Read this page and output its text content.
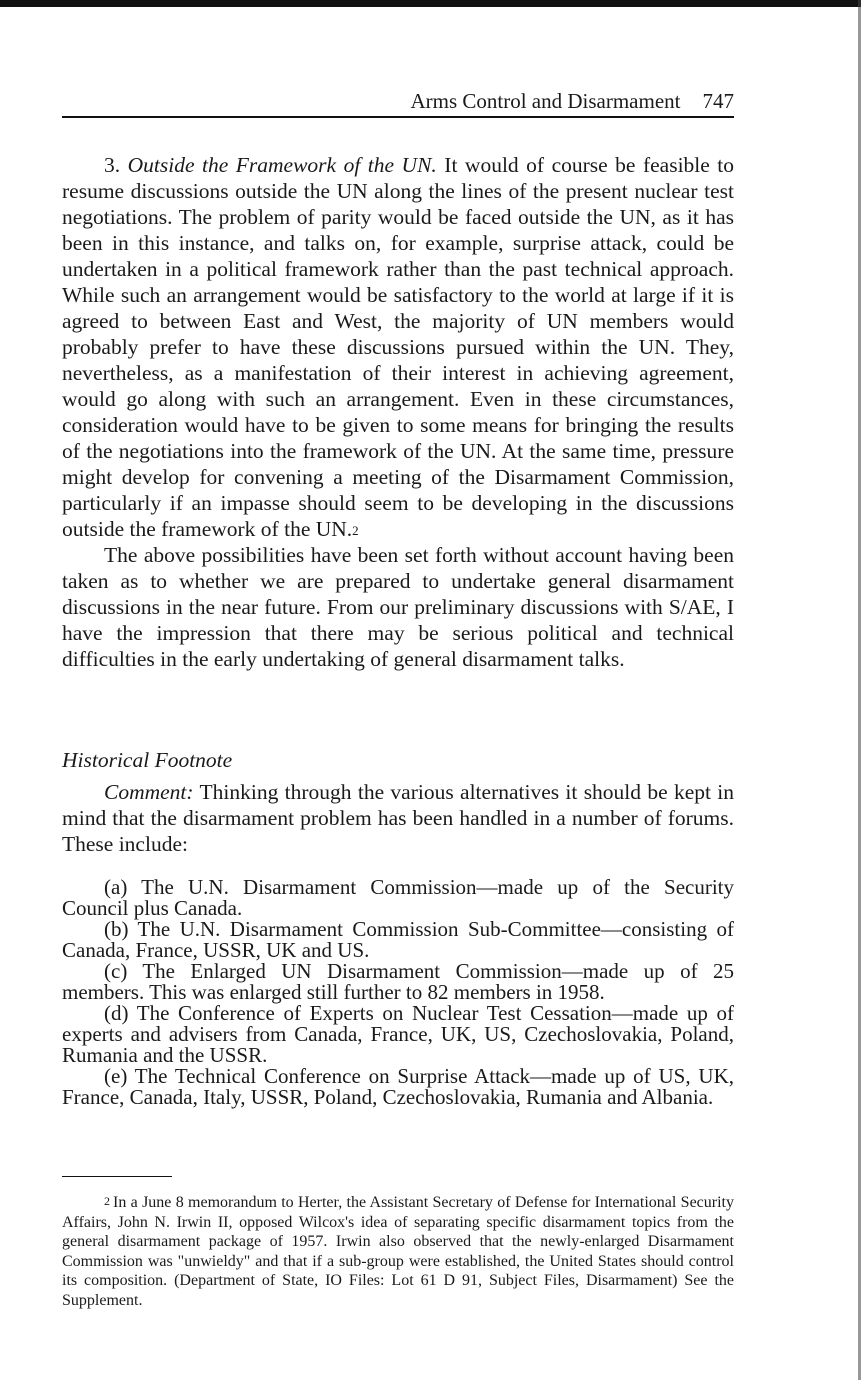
Arms Control and Disarmament 747

3. Outside the Framework of the UN. It would of course be feasible to resume discussions outside the UN along the lines of the present nuclear test negotiations. The problem of parity would be faced outside the UN, as it has been in this instance, and talks on, for example, surprise attack, could be undertaken in a political framework rather than the past technical approach. While such an arrangement would be satisfactory to the world at large if it is agreed to between East and West, the majority of UN members would probably prefer to have these discussions pursued within the UN. They, nevertheless, as a manifestation of their interest in achieving agreement, would go along with such an arrangement. Even in these circumstances, consideration would have to be given to some means for bringing the results of the negotiations into the framework of the UN. At the same time, pressure might develop for convening a meeting of the Disarmament Commission, particularly if an impasse should seem to be developing in the discussions outside the framework of the UN.$^2$

The above possibilities have been set forth without account having been taken as to whether we are prepared to undertake general disarmament discussions in the near future. From our preliminary discussions with S/AE, I have the impression that there may be serious political and technical difficulties in the early undertaking of general disarmament talks.

Historical Footnote
Comment: Thinking through the various alternatives it should be kept in mind that the disarmament problem has been handled in a number of forums. These include:

(a) The U.N. Disarmament Commission—made up of the Security Council plus Canada.

(b) The U.N. Disarmament Commission Sub-Committee—consisting of Canada, France, USSR, UK and US.

(c) The Enlarged UN Disarmament Commission—made up of 25 members. This was enlarged still further to 82 members in 1958.

(d) The Conference of Experts on Nuclear Test Cessation—made up of experts and advisers from Canada, France, UK, US, Czechoslovakia, Poland, Rumania and the USSR.

(e) The Technical Conference on Surprise Attack—made up of US, UK, France, Canada, Italy, USSR, Poland, Czechoslovakia, Rumania and Albania.

$^2$ In a June 8 memorandum to Herter, the Assistant Secretary of Defense for International Security Affairs, John N. Irwin II, opposed Wilcox's idea of separating specific disarmament topics from the general disarmament package of 1957. Irwin also observed that the newly-enlarged Disarmament Commission was "unwieldy" and that if a sub-group were established, the United States should control its composition. (Department of State, IO Files: Lot 61 D 91, Subject Files, Disarmament) See the Supplement.
